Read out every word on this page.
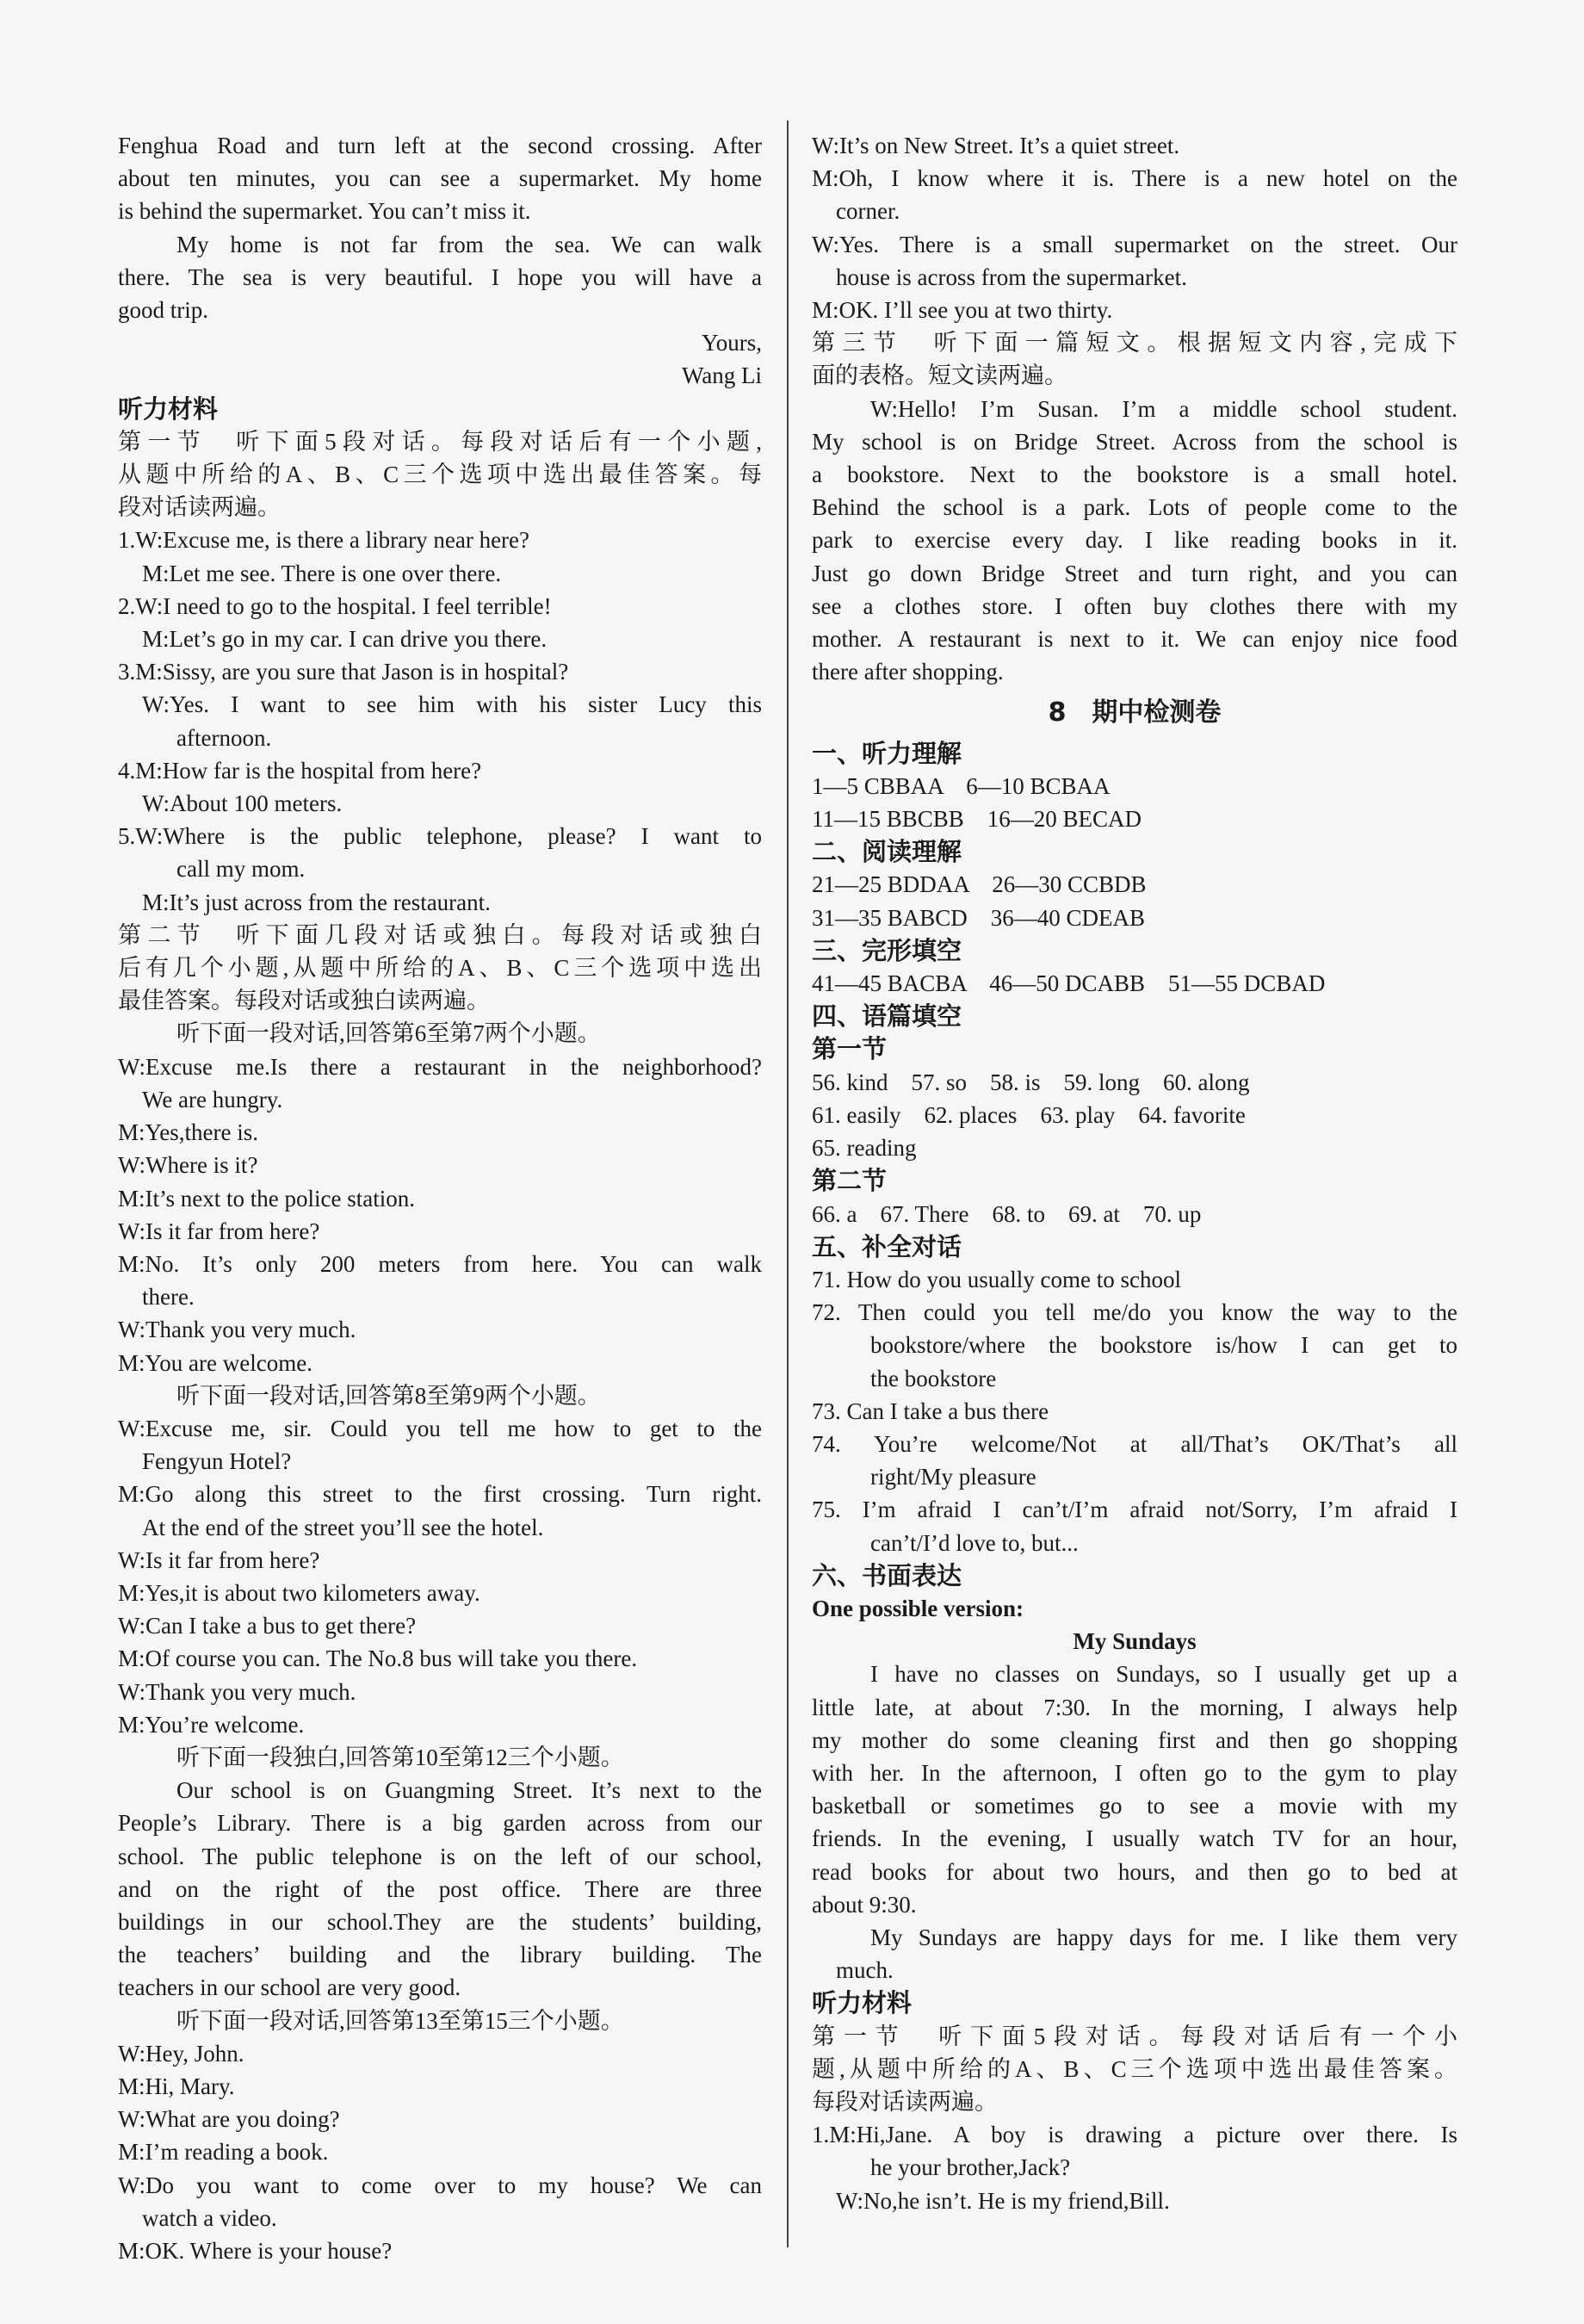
Fenghua Road and turn left at the second crossing. After
about ten minutes, you can see a supermarket. My home
is behind the supermarket. You can’t miss it.
My home is not far from the sea. We can walk
there. The sea is very beautiful. I hope you will have a
good trip.
Yours,
Wang Li
听力材料
第一节　听下面5段对话。每段对话后有一个小题,
从题中所给的A、B、C三个选项中选出最佳答案。每
段对话读两遍。
1.W:Excuse me, is there a library near here?
M:Let me see. There is one over there.
2.W:I need to go to the hospital. I feel terrible!
M:Let’s go in my car. I can drive you there.
3.M:Sissy, are you sure that Jason is in hospital?
W:Yes. I want to see him with his sister Lucy this
afternoon.
4.M:How far is the hospital from here?
W:About 100 meters.
5.W:Where is the public telephone, please? I want to
call my mom.
M:It’s just across from the restaurant.
第二节　听下面几段对话或独白。每段对话或独白
后有几个小题,从题中所给的A、B、C三个选项中选出
最佳答案。每段对话或独白读两遍。
听下面一段对话,回答第6至第7两个小题。
W:Excuse me.Is there a restaurant in the neighborhood?
We are hungry.
M:Yes,there is.
W:Where is it?
M:It’s next to the police station.
W:Is it far from here?
M:No. It’s only 200 meters from here. You can walk
there.
W:Thank you very much.
M:You are welcome.
听下面一段对话,回答第8至第9两个小题。
W:Excuse me, sir. Could you tell me how to get to the
Fengyun Hotel?
M:Go along this street to the first crossing. Turn right.
At the end of the street you’ll see the hotel.
W:Is it far from here?
M:Yes,it is about two kilometers away.
W:Can I take a bus to get there?
M:Of course you can. The No.8 bus will take you there.
W:Thank you very much.
M:You’re welcome.
听下面一段独白,回答第10至第12三个小题。
Our school is on Guangming Street. It’s next to the
People’s Library. There is a big garden across from our
school. The public telephone is on the left of our school,
and on the right of the post office. There are three
buildings in our school.They are the students’ building,
the teachers’ building and the library building. The
teachers in our school are very good.
听下面一段对话,回答第13至第15三个小题。
W:Hey, John.
M:Hi, Mary.
W:What are you doing?
M:I’m reading a book.
W:Do you want to come over to my house? We can
watch a video.
M:OK. Where is your house?
W:It’s on New Street. It’s a quiet street.
M:Oh, I know where it is. There is a new hotel on the
corner.
W:Yes. There is a small supermarket on the street. Our
house is across from the supermarket.
M:OK. I’ll see you at two thirty.
第三节　听下面一篇短文。根据短文内容,完成下
面的表格。短文读两遍。
W:Hello! I’m Susan. I’m a middle school student.
My school is on Bridge Street. Across from the school is
a bookstore. Next to the bookstore is a small hotel.
Behind the school is a park. Lots of people come to the
park to exercise every day. I like reading books in it.
Just go down Bridge Street and turn right, and you can
see a clothes store. I often buy clothes there with my
mother. A restaurant is next to it. We can enjoy nice food
there after shopping.
8　期中检测卷
一、听力理解
1—5 CBBAA　6—10 BCBAA
11—15 BBCBB　16—20 BECAD
二、阅读理解
21—25 BDDAA　26—30 CCBDB
31—35 BABCD　36—40 CDEAB
三、完形填空
41—45 BACBA　46—50 DCABB　51—55 DCBAD
四、语篇填空
第一节
56. kind　57. so　58. is　59. long　60. along
61. easily　62. places　63. play　64. favorite
65. reading
第二节
66. a　67. There　68. to　69. at　70. up
五、补全对话
71. How do you usually come to school
72. Then could you tell me/do you know the way to the
bookstore/where the bookstore is/how I can get to
the bookstore
73. Can I take a bus there
74. You’re welcome/Not at all/That’s OK/That’s all
right/My pleasure
75. I’m afraid I can’t/I’m afraid not/Sorry, I’m afraid I
can’t/I’d love to, but...
六、书面表达
One possible version:
My Sundays
I have no classes on Sundays, so I usually get up a
little late, at about 7:30. In the morning, I always help
my mother do some cleaning first and then go shopping
with her. In the afternoon, I often go to the gym to play
basketball or sometimes go to see a movie with my
friends. In the evening, I usually watch TV for an hour,
read books for about two hours, and then go to bed at
about 9:30.
My Sundays are happy days for me. I like them very
much.
听力材料
第一节　听下面5段对话。每段对话后有一个小
题,从题中所给的A、B、C三个选项中选出最佳答案。
每段对话读两遍。
1.M:Hi,Jane. A boy is drawing a picture over there. Is
he your brother,Jack?
W:No,he isn’t. He is my friend,Bill.
